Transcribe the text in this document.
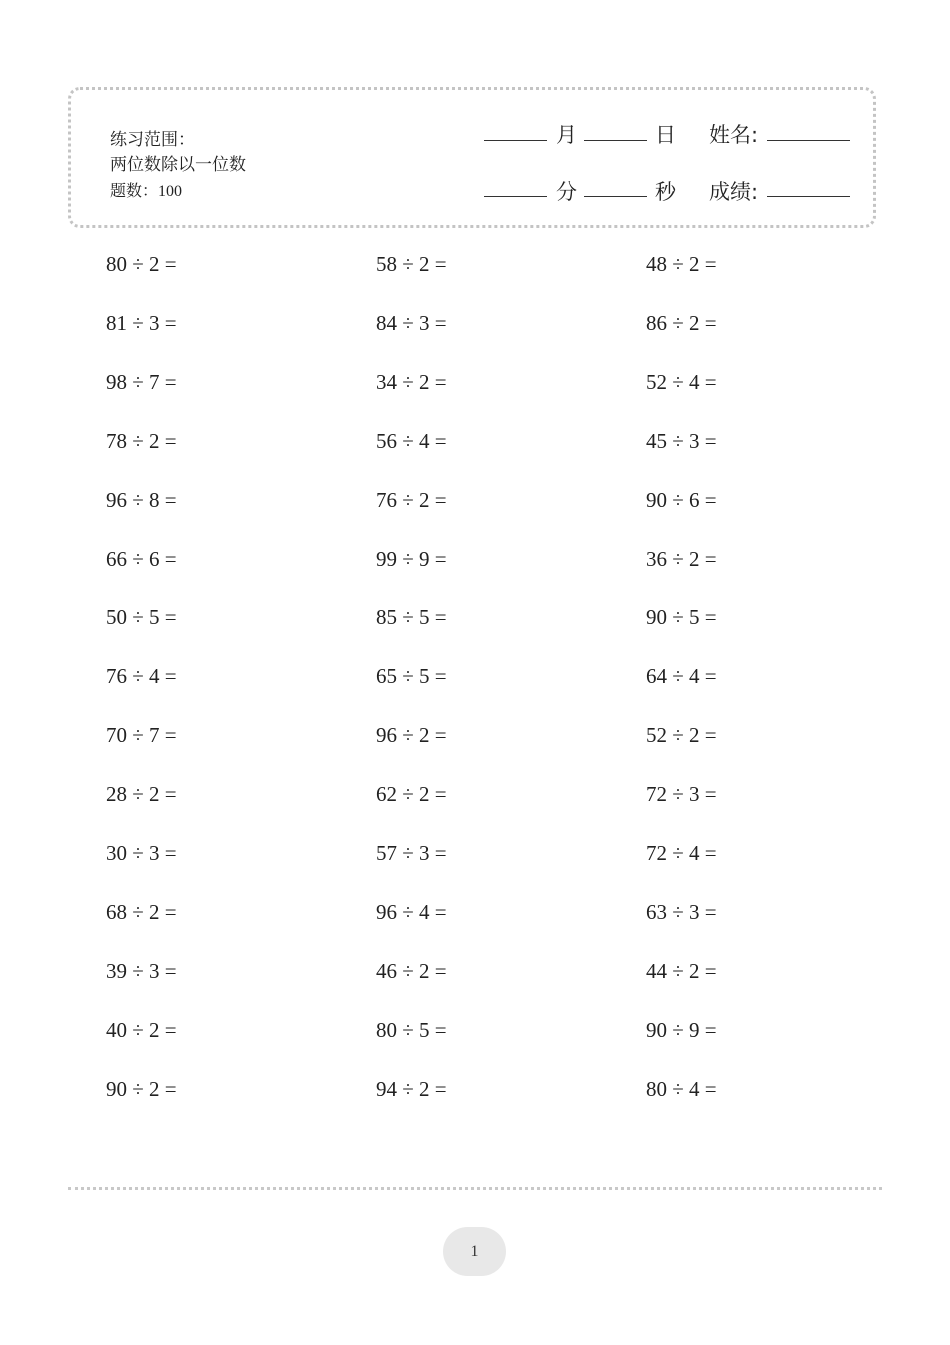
练习范围：
两位数除以一位数
题数：100
月	日 姓名:
分	秒 成绩:
80 ÷ 2 =	58 ÷ 2 =	48 ÷ 2 =
81 ÷ 3 =	84 ÷ 3 =	86 ÷ 2 =
98 ÷ 7 =	34 ÷ 2 =	52 ÷ 4 =
78 ÷ 2 =	56 ÷ 4 =	45 ÷ 3 =
96 ÷ 8 =	76 ÷ 2 =	90 ÷ 6 =
66 ÷ 6 =	99 ÷ 9 =	36 ÷ 2 =
50 ÷ 5 =	85 ÷ 5 =	90 ÷ 5 =
76 ÷ 4 =	65 ÷ 5 =	64 ÷ 4 =
70 ÷ 7 =	96 ÷ 2 =	52 ÷ 2 =
28 ÷ 2 =	62 ÷ 2 =	72 ÷ 3 =
30 ÷ 3 =	57 ÷ 3 =	72 ÷ 4 =
68 ÷ 2 =	96 ÷ 4 =	63 ÷ 3 =
39 ÷ 3 =	46 ÷ 2 =	44 ÷ 2 =
40 ÷ 2 =	80 ÷ 5 =	90 ÷ 9 =
90 ÷ 2 =	94 ÷ 2 =	80 ÷ 4 =
1
